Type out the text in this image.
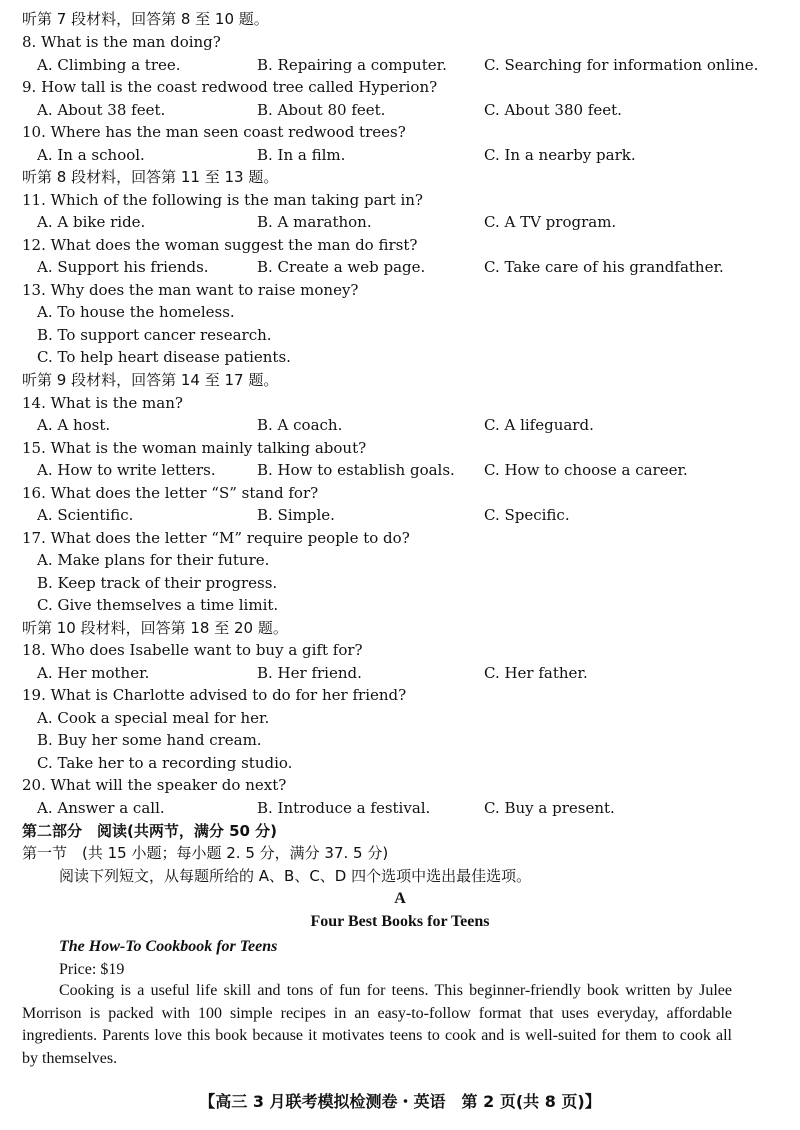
听第 7 段材料，回答第 8 至 10 题。
8. What is the man doing?
A. Climbing a tree.	B. Repairing a computer. C. Searching for information online.
9. How tall is the coast redwood tree called Hyperion?
A. About 38 feet.	B. About 80 feet.	C. About 380 feet.
10. Where has the man seen coast redwood trees?
A. In a school.	B. In a film.	C. In a nearby park.
听第 8 段材料，回答第 11 至 13 题。
11. Which of the following is the man taking part in?
A. A bike ride.	B. A marathon.	C. A TV program.
12. What does the woman suggest the man do first?
A. Support his friends.	B. Create a web page.	C. Take care of his grandfather.
13. Why does the man want to raise money?
A. To house the homeless.
B. To support cancer research.
C. To help heart disease patients.
听第 9 段材料，回答第 14 至 17 题。
14. What is the man?
A. A host.	B. A coach.	C. A lifeguard.
15. What is the woman mainly talking about?
A. How to write letters.	B. How to establish goals. C. How to choose a career.
16. What does the letter “S” stand for?
A. Scientific.	B. Simple.	C. Specific.
17. What does the letter “M” require people to do?
A. Make plans for their future.
B. Keep track of their progress.
C. Give themselves a time limit.
听第 10 段材料，回答第 18 至 20 题。
18. Who does Isabelle want to buy a gift for?
A. Her mother.	B. Her friend.	C. Her father.
19. What is Charlotte advised to do for her friend?
A. Cook a special meal for her.
B. Buy her some hand cream.
C. Take her to a recording studio.
20. What will the speaker do next?
A. Answer a call.	B. Introduce a festival.	C. Buy a present.
第二部分　阅读(共两节，满分 50 分)
第一节　(共 15 小题；每小题 2. 5 分，满分 37. 5 分)
阅读下列短文，从每题所给的 A、B、C、D 四个选项中选出最佳选项。
A
Four Best Books for Teens
The How-To Cookbook for Teens
Price: $19

Cooking is a useful life skill and tons of fun for teens. This beginner-friendly book written by Julee Morrison is packed with 100 simple recipes in an easy-to-follow format that uses everyday, affordable ingredients. Parents love this book because it motivates teens to cook and is well-suited for them to cook all by themselves.

【高三 3 月联考模拟检测卷・英语　第 2 页(共 8 页)】
